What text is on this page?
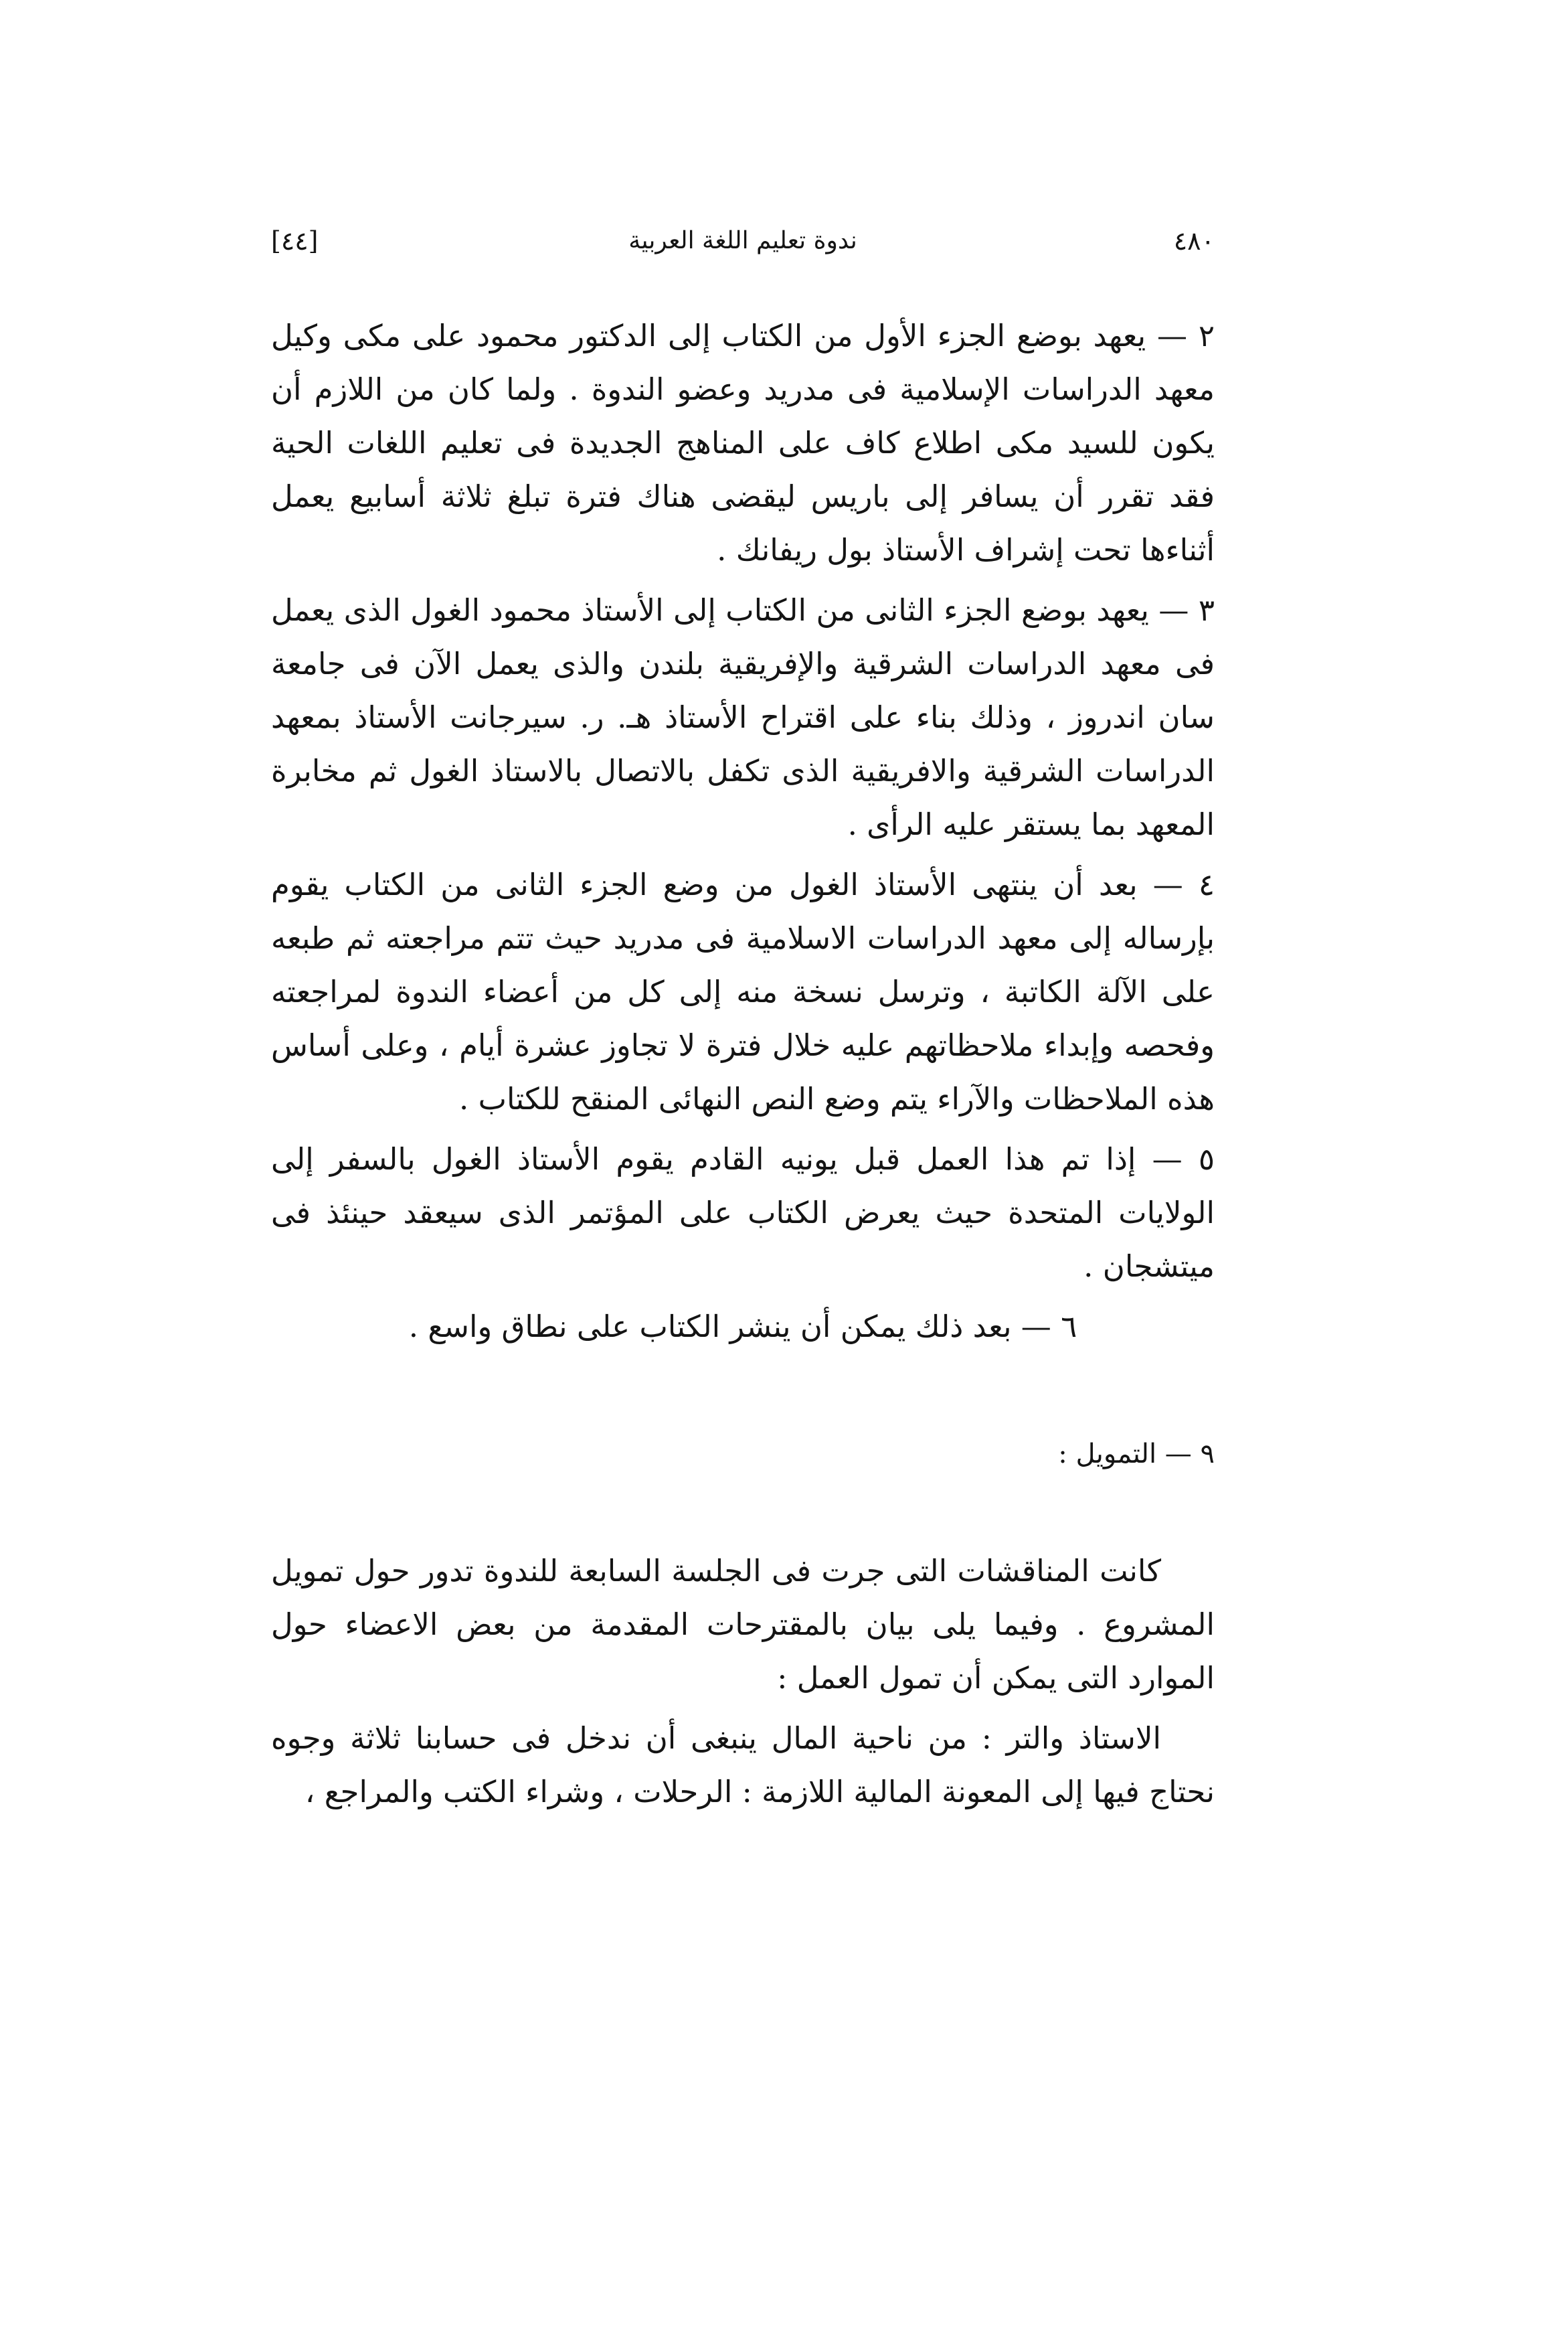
٤٨٠
ندوة تعليم اللغة العربية
[٤٤]

٢ — يعهد بوضع الجزء الأول من الكتاب إلى الدكتور محمود على مكى وكيل معهد الدراسات الإسلامية فى مدريد وعضو الندوة . ولما كان من اللازم أن يكون للسيد مكى اطلاع كاف على المناهج الجديدة فى تعليم اللغات الحية فقد تقرر أن يسافر إلى باريس ليقضى هناك فترة تبلغ ثلاثة أسابيع يعمل أثناءها تحت إشراف الأستاذ بول ريفانك .

٣ — يعهد بوضع الجزء الثانى من الكتاب إلى الأستاذ محمود الغول الذى يعمل فى معهد الدراسات الشرقية والإفريقية بلندن والذى يعمل الآن فى جامعة سان اندروز ، وذلك بناء على اقتراح الأستاذ هـ. ر. سيرجانت الأستاذ بمعهد الدراسات الشرقية والافريقية الذى تكفل بالاتصال بالاستاذ الغول ثم مخابرة المعهد بما يستقر عليه الرأى .

٤ — بعد أن ينتهى الأستاذ الغول من وضع الجزء الثانى من الكتاب يقوم بإرساله إلى معهد الدراسات الاسلامية فى مدريد حيث تتم مراجعته ثم طبعه على الآلة الكاتبة ، وترسل نسخة منه إلى كل من أعضاء الندوة لمراجعته وفحصه وإبداء ملاحظاتهم عليه خلال فترة لا تجاوز عشرة أيام ، وعلى أساس هذه الملاحظات والآراء يتم وضع النص النهائى المنقح للكتاب .

٥ — إذا تم هذا العمل قبل يونيه القادم يقوم الأستاذ الغول بالسفر إلى الولايات المتحدة حيث يعرض الكتاب على المؤتمر الذى سيعقد حينئذ فى ميتشجان .

٦ — بعد ذلك يمكن أن ينشر الكتاب على نطاق واسع .

٩ — التمويل :

كانت المناقشات التى جرت فى الجلسة السابعة للندوة تدور حول تمويل المشروع . وفيما يلى بيان بالمقترحات المقدمة من بعض الاعضاء حول الموارد التى يمكن أن تمول العمل :

الاستاذ والتر : من ناحية المال ينبغى أن ندخل فى حسابنا ثلاثة وجوه نحتاج فيها إلى المعونة المالية اللازمة : الرحلات ، وشراء الكتب والمراجع ،
